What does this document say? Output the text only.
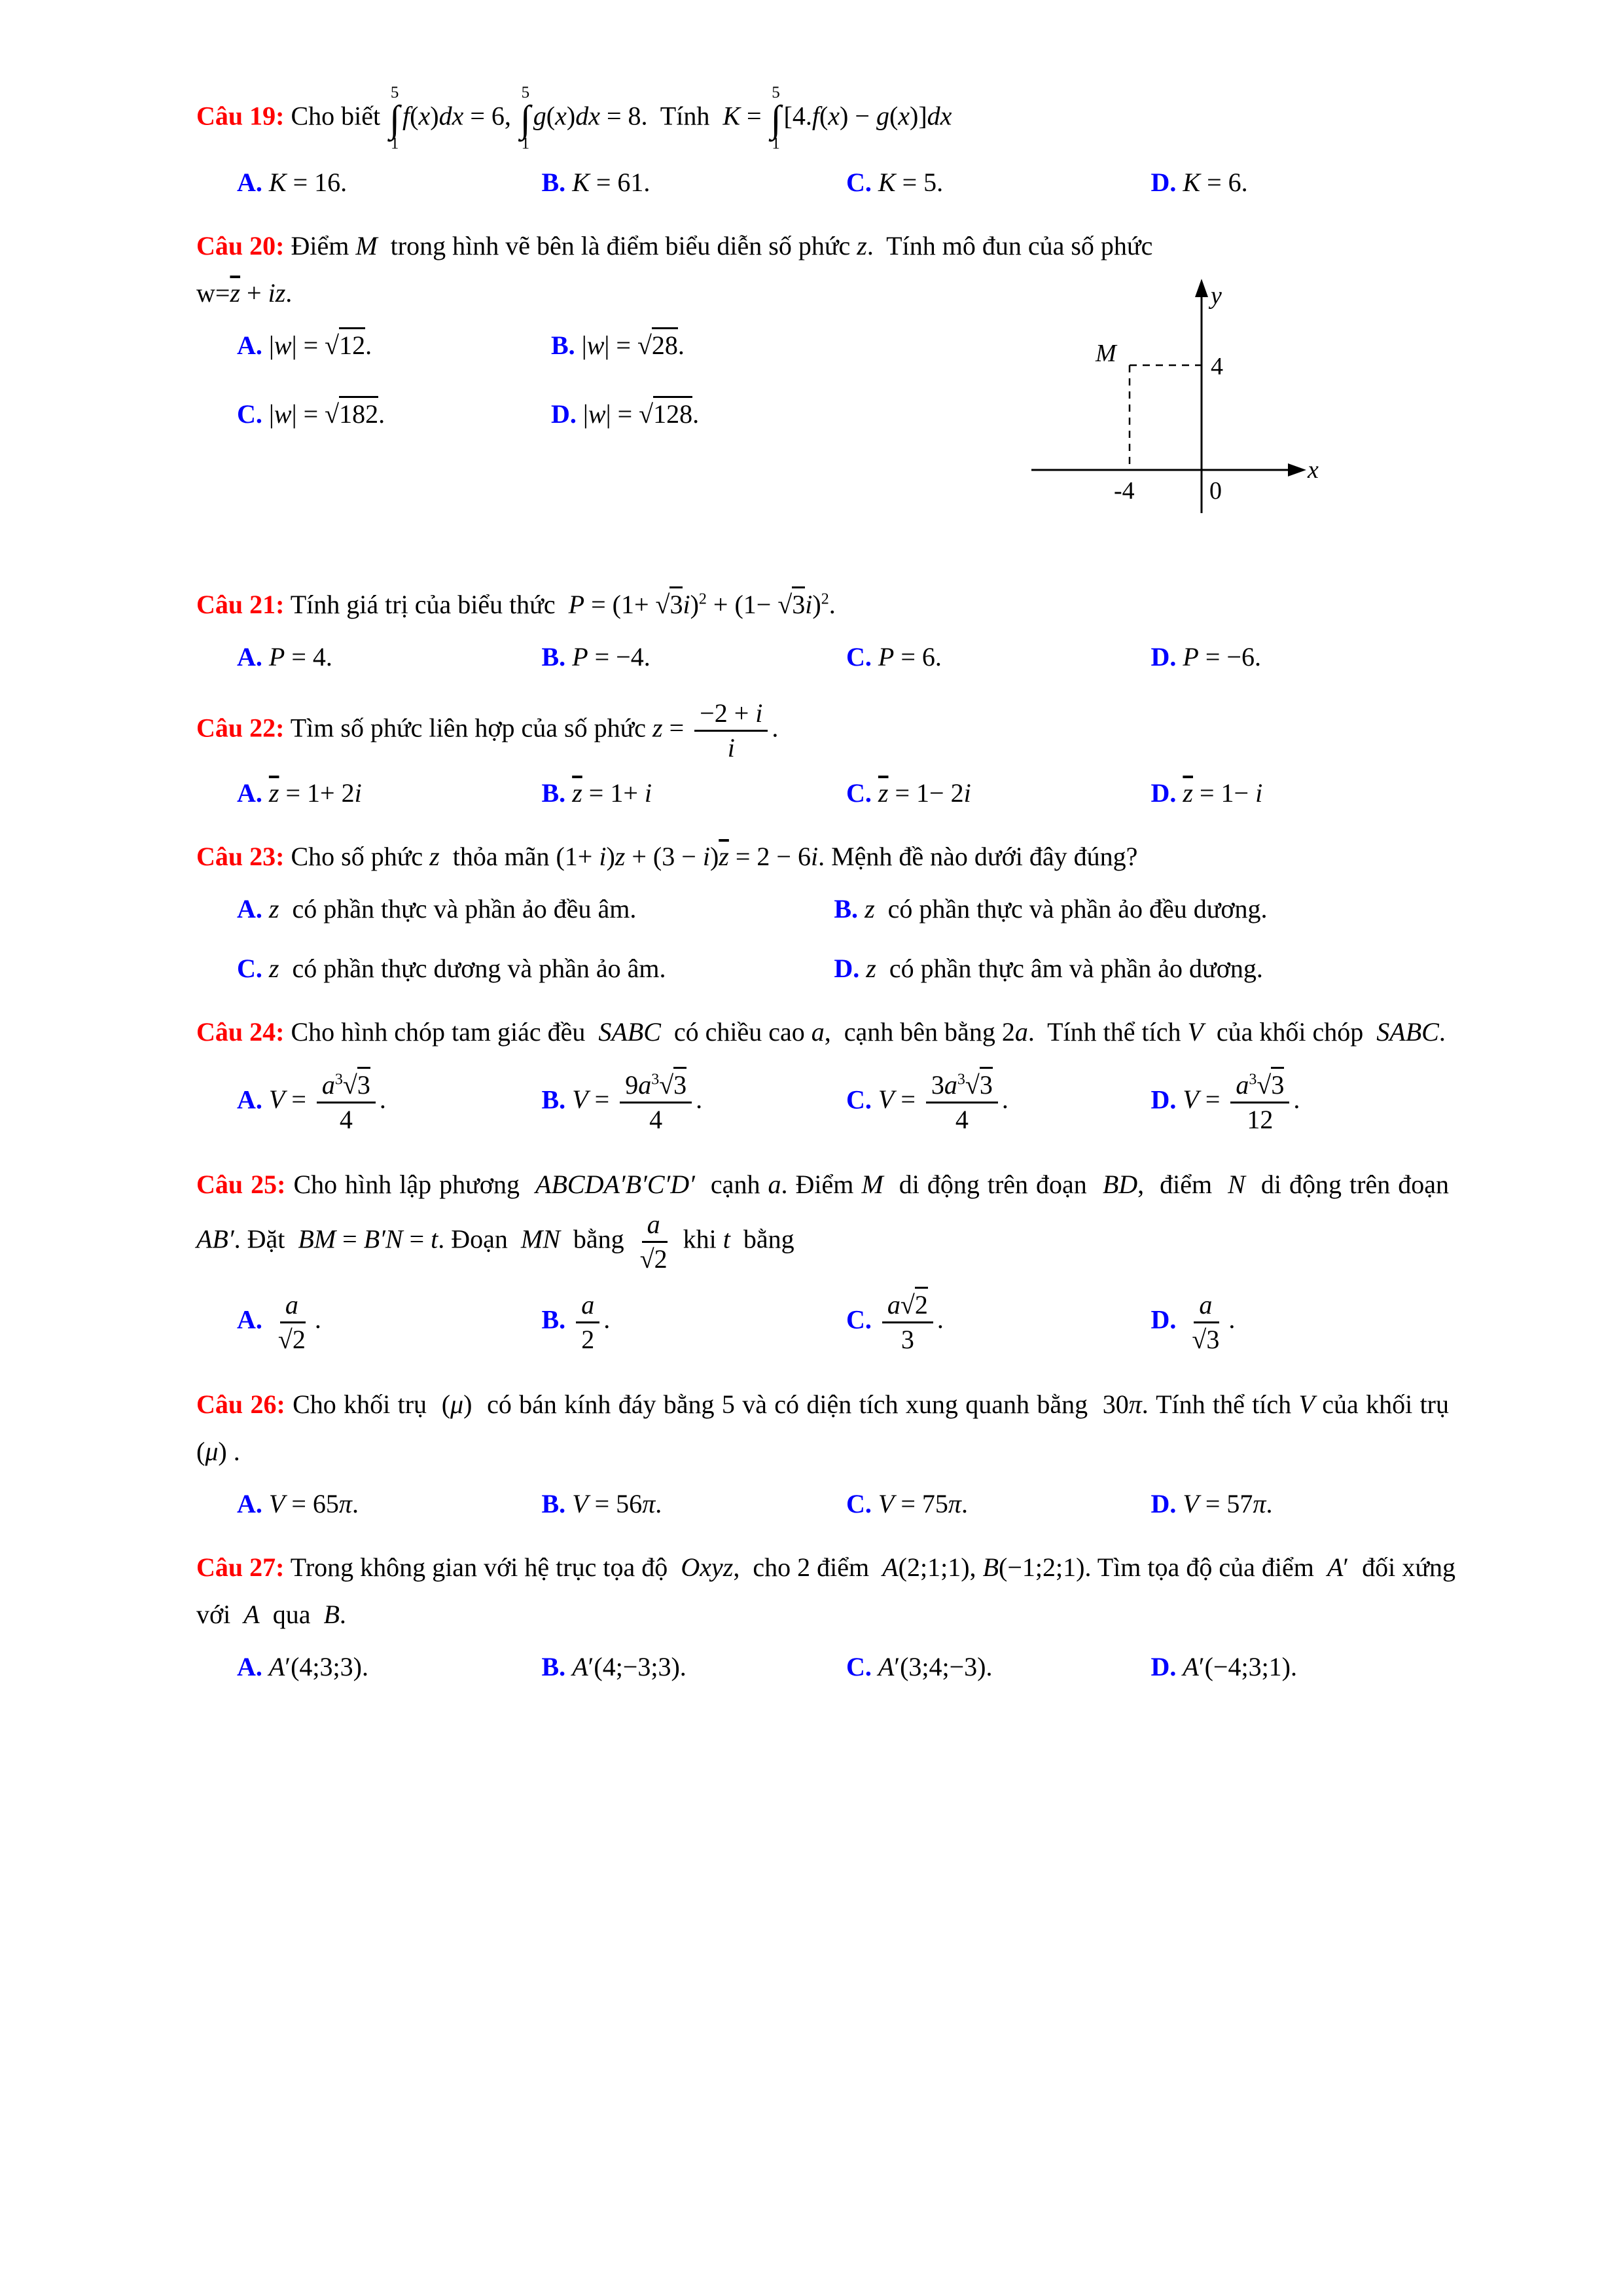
Câu 19: Cho biết
5
∫
1
f(x)dx = 6,
5
∫
1
g(x)dx = 8.  Tính  K =
5
∫
1
[4.f(x) − g(x)]dx
A. K = 16.	B. K = 61.	C. K = 5.	D. K = 6.
Câu 20: Điểm M  trong hình vẽ bên là điểm biểu diễn số phức z.  Tính mô đun của số phức
$w=\overline{z}$ + iz.
A. |w| = √12.	B. |w| = √28.
C. |w| = √182.	D. |w| = √128.
y
x
M	4
-4	0
Câu 21: Tính giá trị của biểu thức  $P = (1+ √3i)^2 + (1- √3i)^2$.
A. P = 4.	B. P = −4.	C. P = 6.	D. P = −6.
Câu 22: Tìm số phức liên hợp của số phức $z = \frac{-2 + i}{i}$ .
A. $\overline{z} = 1+ 2i$	B. $\overline{z} = 1+ i$	C. $\overline{z} = 1- 2i$	D. $\overline{z} = 1- i$
Câu 23: Cho số phức z  thỏa mãn $(1+ i)z + (3 - i)\overline{z} = 2 - 6i$. Mệnh đề nào dưới đây đúng?
A. z  có phần thực và phần ảo đều âm.	B. z  có phần thực và phần ảo đều dương.
C. z  có phần thực dương và phần ảo âm.	D. z  có phần thực âm và phần ảo dương.
Câu 24: Cho hình chóp tam giác đều  SABC  có chiều cao a,  cạnh bên bằng 2a.  Tính thể tích V  của khối chóp  SABC.
A. $V = \frac{a^3√3}{4}$ .	B. $V = \frac{9a^3√3}{4}$ .	C. $V = \frac{3a^3√3}{4}$ .	D. $V = \frac{a^3√3}{12}$ .
Câu 25: Cho hình lập phương  ABCDA′B′C′D′  cạnh a. Điểm M  di động trên đoạn  BD,  điểm  N  di động trên đoạn  AB′. Đặt  BM = B′N = t. Đoạn  MN  bằng $\frac{a}{√2}$ khi t  bằng
A. $\frac{a}{√2}$ .	B. $\frac{a}{2}$ .	C. $\frac{a√2}{3}$ .	D. $\frac{a}{√3}$ .
Câu 26: Cho khối trụ  (μ)  có bán kính đáy bằng 5 và có diện tích xung quanh bằng  30π. Tính thể tích V của khối trụ  (μ) .
A. V = 65π.	B. V = 56π.	C. V = 75π.	D. V = 57π.
Câu 27: Trong không gian với hệ trục tọa độ  Oxyz,  cho 2 điểm  A(2;1;1), B(−1;2;1). Tìm tọa độ của điểm  A′  đối xứng với  A  qua  B.
A. A′(4;3;3).	B. A′(4;−3;3).	C. A′(3;4;−3).	D. A′(−4;3;1).
